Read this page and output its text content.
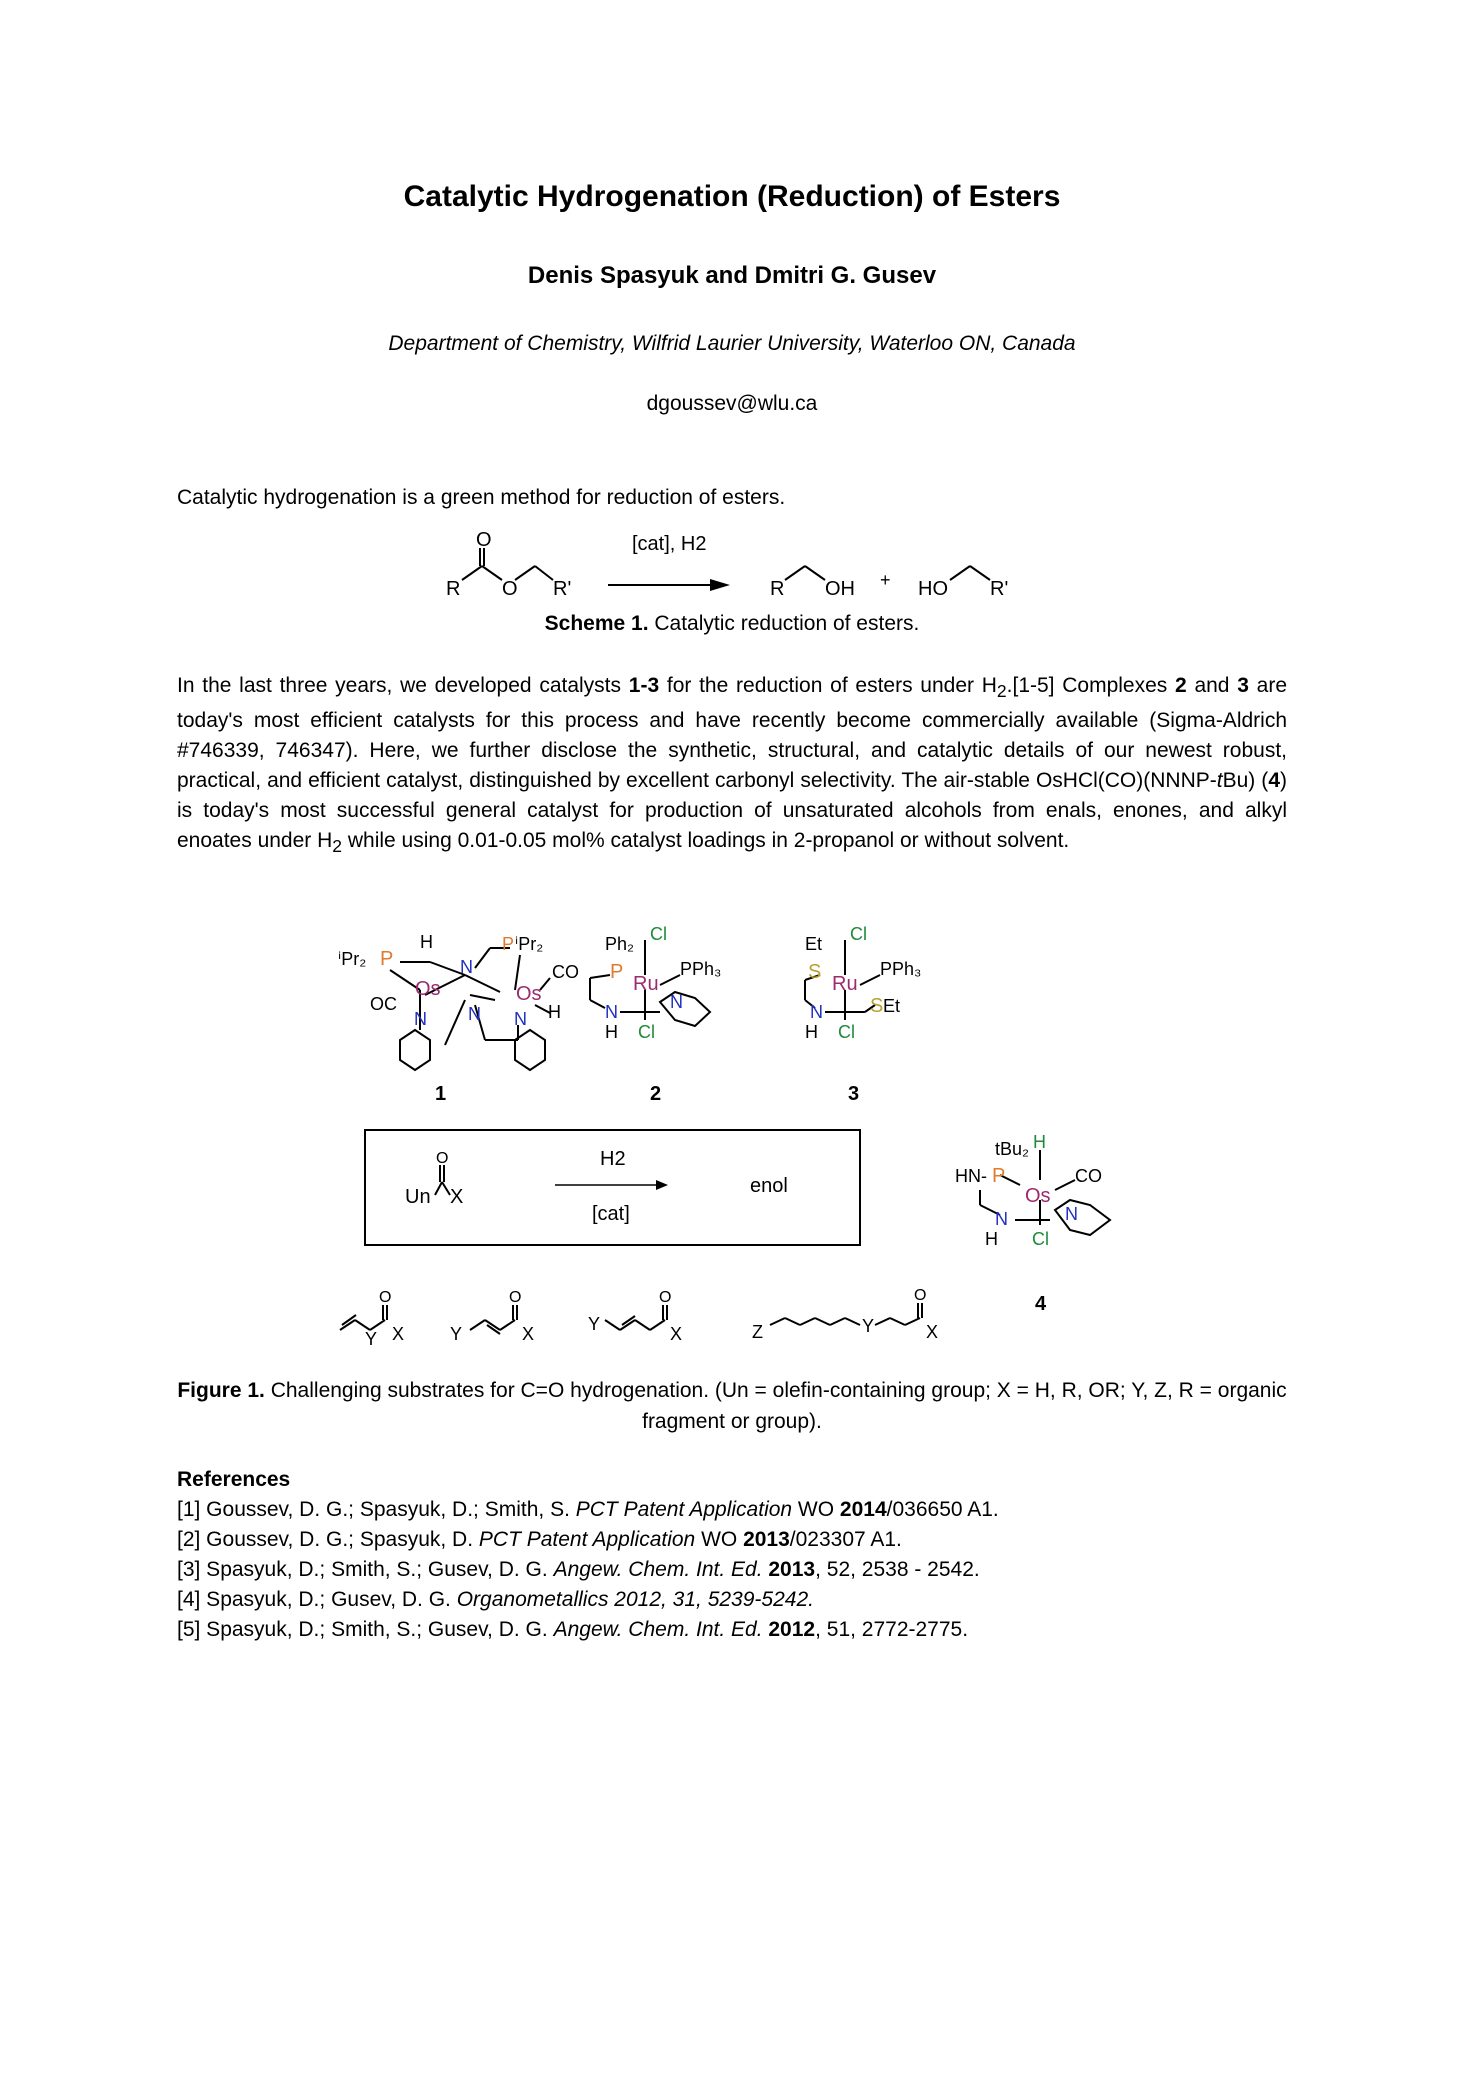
Catalytic Hydrogenation (Reduction) of Esters
Denis Spasyuk and Dmitri G. Gusev
Department of Chemistry, Wilfrid Laurier University, Waterloo ON, Canada
dgoussev@wlu.ca
Catalytic hydrogenation is a green method for reduction of esters.
O
R O R'
[cat], H2
R OH + HO R'
Scheme 1. Catalytic reduction of esters.
In the last three years, we developed catalysts 1-3 for the reduction of esters under $H_2.[1-5]$ Complexes 2 and 3 are today's most efficient catalysts for this process and have recently become commercially available (Sigma-Aldrich #746339, 746347). Here, we further disclose the synthetic, structural, and catalytic details of our newest robust, practical, and efficient catalyst, distinguished by excellent carbonyl selectivity. The air-stable OsHCl(CO)(NNNP-tBu) (4) is today's most successful general catalyst for production of unsaturated alcohols from enals, enones, and alkyl enoates under $H_2$ while using 0.01-0.05 mol% catalyst loadings in 2-propanol or without solvent.
ⁱPr₂ P
H
N
Os
OC
N N
P ⁱPr₂
Os
CO
H
N
1
Ph₂ Cl
P
Ru
PPh₃
N	N
H Cl
2
Et Cl
S
Ru
PPh₃
N S Et
H Cl
3
Un
O
X
H2
[cat]
enol
O
Y X	Y
O
X	Y
O
X	Z	Y
O
X
tBu₂ H
HN- P
Os
CO
N	N
H Cl
4
Figure 1. Challenging substrates for C=O hydrogenation. (Un = olefin-containing group; X = H, R, OR; Y, Z, R = organic fragment or group).
References
[1] Goussev, D. G.; Spasyuk, D.; Smith, S. PCT Patent Application WO 2014/036650 A1.
[2] Goussev, D. G.; Spasyuk, D. PCT Patent Application WO 2013/023307 A1.
[3] Spasyuk, D.; Smith, S.; Gusev, D. G. Angew. Chem. Int. Ed. 2013, 52, 2538 - 2542.
[4] Spasyuk, D.; Gusev, D. G. Organometallics 2012, 31, 5239-5242.
[5] Spasyuk, D.; Smith, S.; Gusev, D. G. Angew. Chem. Int. Ed. 2012, 51, 2772-2775.
